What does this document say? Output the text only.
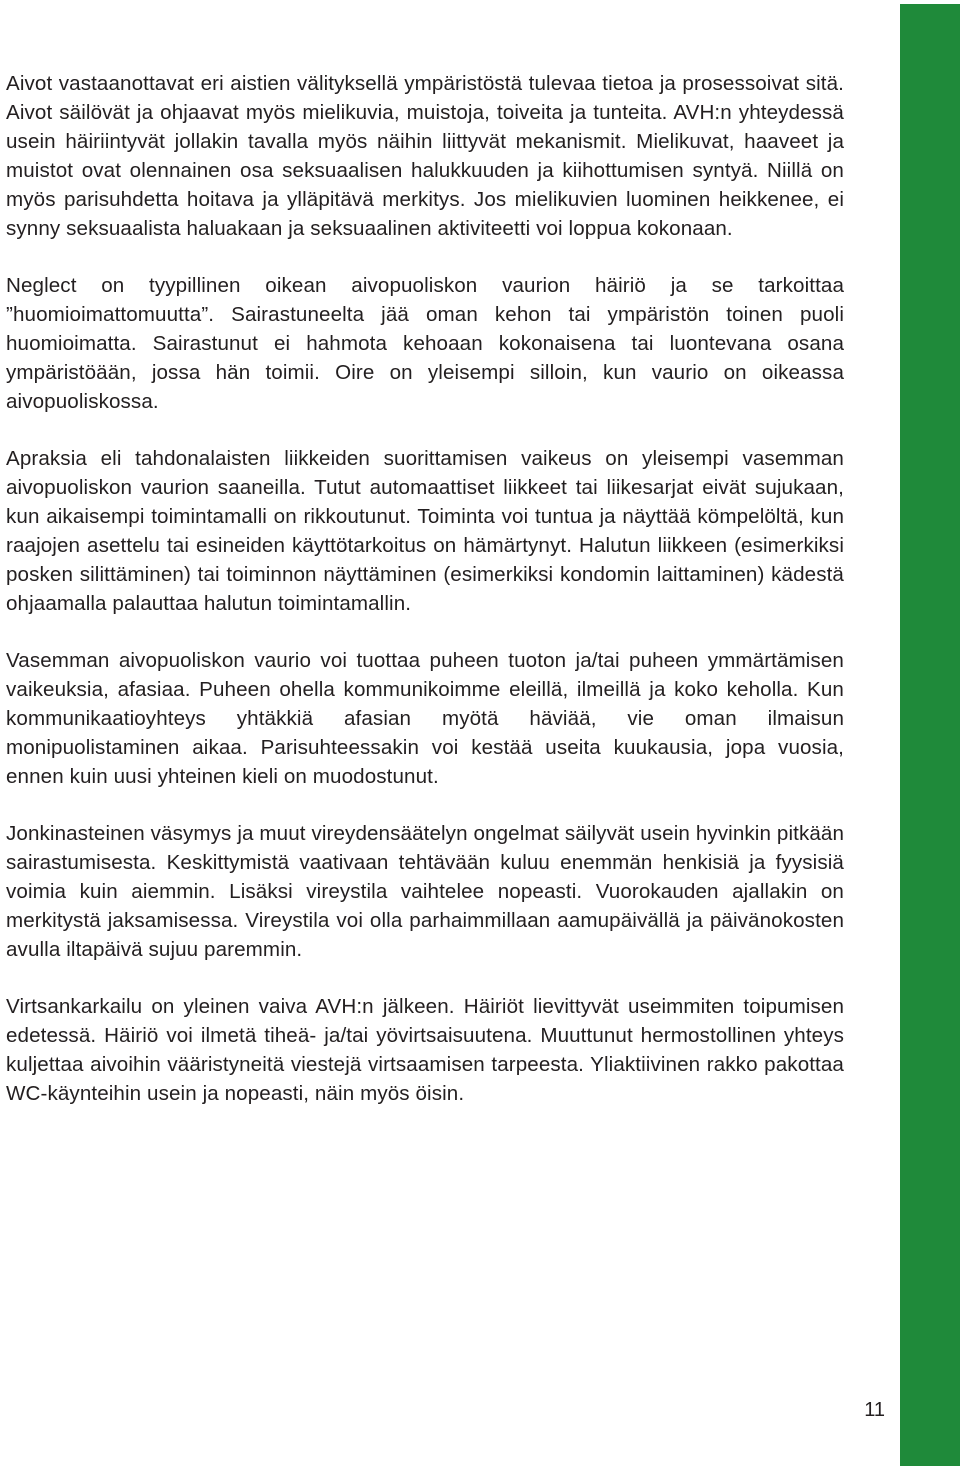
Aivot vastaanottavat eri aistien välityksellä ympäristöstä tulevaa tietoa ja prosessoivat sitä. Aivot säilövät ja ohjaavat myös mielikuvia, muistoja, toiveita ja tunteita. AVH:n yhteydessä usein häiriintyvät jollakin tavalla myös näihin liittyvät mekanismit. Mielikuvat, haaveet ja muistot ovat olennainen osa seksuaalisen halukkuuden ja kiihottumisen syntyä. Niillä on myös parisuhdetta hoitava ja ylläpitävä merkitys. Jos mielikuvien luominen heikkenee, ei synny seksuaalista haluakaan ja seksuaalinen aktiviteetti voi loppua kokonaan.

Neglect on tyypillinen oikean aivopuoliskon vaurion häiriö ja se tarkoittaa ”huomioimattomuutta”. Sairastuneelta jää oman kehon tai ympäristön toinen puoli huomioimatta. Sairastunut ei hahmota kehoaan kokonaisena tai luontevana osana ympäristöään, jossa hän toimii. Oire on yleisempi silloin, kun vaurio on oikeassa aivopuoliskossa.

Apraksia eli tahdonalaisten liikkeiden suorittamisen vaikeus on yleisempi vasemman aivopuoliskon vaurion saaneilla. Tutut automaattiset liikkeet tai liikesarjat eivät sujukaan, kun aikaisempi toimintamalli on rikkoutunut. Toiminta voi tuntua ja näyttää kömpelöltä, kun raajojen asettelu tai esineiden käyttötarkoitus on hämärtynyt. Halutun liikkeen (esimerkiksi posken silittäminen) tai toiminnon näyttäminen (esimerkiksi kondomin laittaminen) kädestä ohjaamalla palauttaa halutun toimintamallin.

Vasemman aivopuoliskon vaurio voi tuottaa puheen tuoton ja/tai puheen ymmärtämisen vaikeuksia, afasiaa. Puheen ohella kommunikoimme eleillä, ilmeillä ja koko keholla. Kun kommunikaatioyhteys yhtäkkiä afasian myötä häviää, vie oman ilmaisun monipuolistaminen aikaa. Parisuhteessakin voi kestää useita kuukausia, jopa vuosia, ennen kuin uusi yhteinen kieli on muodostunut.

Jonkinasteinen väsymys ja muut vireydensäätelyn ongelmat säilyvät usein hyvinkin pitkään sairastumisesta. Keskittymistä vaativaan tehtävään kuluu enemmän henkisiä ja fyysisiä voimia kuin aiemmin. Lisäksi vireystila vaihtelee nopeasti. Vuorokauden ajallakin on merkitystä jaksamisessa. Vireystila voi olla parhaimmillaan aamupäivällä ja päivänokosten avulla iltapäivä sujuu paremmin.

Virtsankarkailu on yleinen vaiva AVH:n jälkeen. Häiriöt lievittyvät useimmiten toipumisen edetessä. Häiriö voi ilmetä tiheä- ja/tai yövirtsaisuutena. Muuttunut hermostollinen yhteys kuljettaa aivoihin vääristyneitä viestejä virtsaamisen tarpeesta. Yliaktiivinen rakko pakottaa WC-käynteihin usein ja nopeasti, näin myös öisin.

11
